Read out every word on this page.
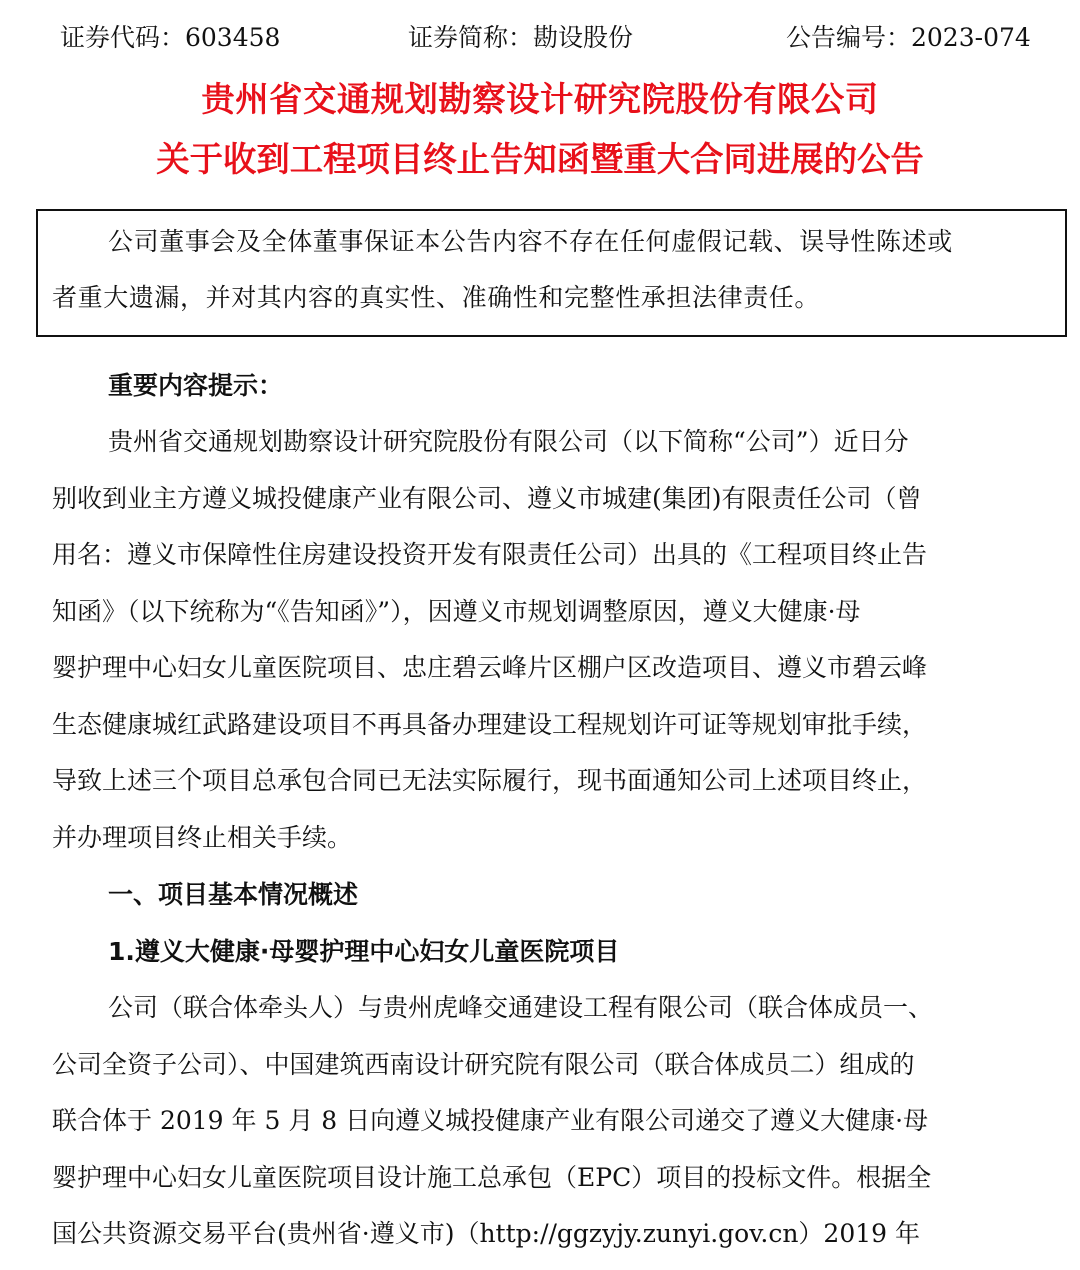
证券代码：603458	证券简称：勘设股份	公告编号：2023-074
贵州省交通规划勘察设计研究院股份有限公司
关于收到工程项目终止告知函暨重大合同进展的公告
公司董事会及全体董事保证本公告内容不存在任何虚假记载、误导性陈述或
者重大遗漏，并对其内容的真实性、准确性和完整性承担法律责任。
重要内容提示：
贵州省交通规划勘察设计研究院股份有限公司（以下简称“公司”）近日分
别收到业主方遵义城投健康产业有限公司、遵义市城建(集团)有限责任公司（曾
用名：遵义市保障性住房建设投资开发有限责任公司）出具的《工程项目终止告
知函》（以下统称为“《告知函》”），因遵义市规划调整原因，遵义大健康·母
婴护理中心妇女儿童医院项目、忠庄碧云峰片区棚户区改造项目、遵义市碧云峰
生态健康城红武路建设项目不再具备办理建设工程规划许可证等规划审批手续，
导致上述三个项目总承包合同已无法实际履行，现书面通知公司上述项目终止，
并办理项目终止相关手续。
一、项目基本情况概述
1.遵义大健康·母婴护理中心妇女儿童医院项目
公司（联合体牵头人）与贵州虎峰交通建设工程有限公司（联合体成员一、
公司全资子公司）、中国建筑西南设计研究院有限公司（联合体成员二）组成的
联合体于 2019 年 5 月 8 日向遵义城投健康产业有限公司递交了遵义大健康·母
婴护理中心妇女儿童医院项目设计施工总承包（EPC）项目的投标文件。根据全
国公共资源交易平台(贵州省·遵义市)（http://ggzyjy.zunyi.gov.cn）2019 年
